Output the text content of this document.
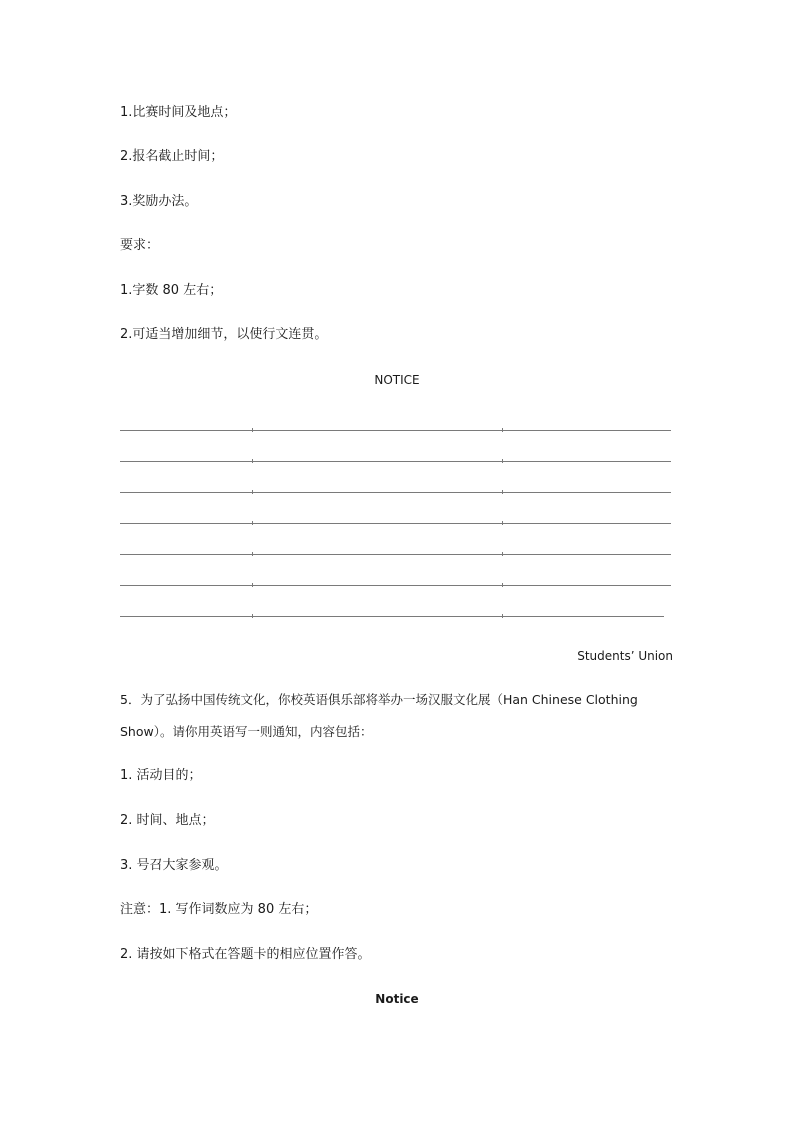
1.比赛时间及地点；
2.报名截止时间；
3.奖励办法。
要求：
1.字数 80 左右；
2.可适当增加细节，以使行文连贯。
NOTICE
Students’ Union
5．为了弘扬中国传统文化，你校英语俱乐部将举办一场汉服文化展（Han Chinese Clothing
Show）。请你用英语写一则通知，内容包括：
1. 活动目的；
2. 时间、地点；
3. 号召大家参观。
注意：1. 写作词数应为 80 左右；
2. 请按如下格式在答题卡的相应位置作答。
Notice
